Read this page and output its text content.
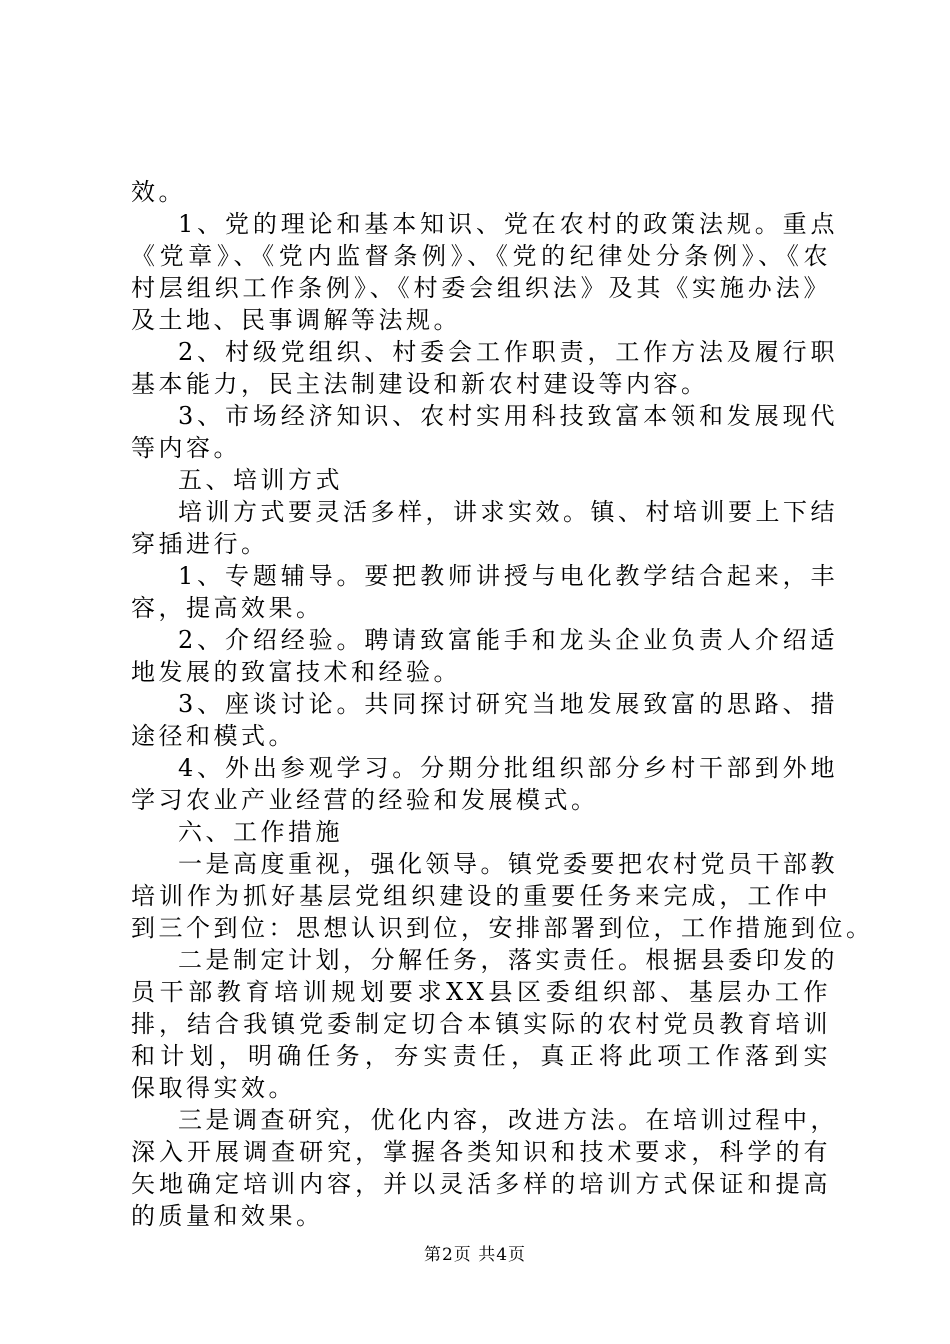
效。
1、党的理论和基本知识、党在农村的政策法规。重点
《党章》、《党内监督条例》、《党的纪律处分条例》、《农
村层组织工作条例》、《村委会组织法》及其《实施办法》
及土地、民事调解等法规。
2、村级党组织、村委会工作职责，工作方法及履行职
基本能力，民主法制建设和新农村建设等内容。
3、市场经济知识、农村实用科技致富本领和发展现代
等内容。
五、培训方式
培训方式要灵活多样，讲求实效。镇、村培训要上下结
穿插进行。
1、专题辅导。要把教师讲授与电化教学结合起来，丰
容，提高效果。
2、介绍经验。聘请致富能手和龙头企业负责人介绍适
地发展的致富技术和经验。
3、座谈讨论。共同探讨研究当地发展致富的思路、措
途径和模式。
4、外出参观学习。分期分批组织部分乡村干部到外地
学习农业产业经营的经验和发展模式。
六、工作措施
一是高度重视，强化领导。镇党委要把农村党员干部教
培训作为抓好基层党组织建设的重要任务来完成，工作中
到三个到位：思想认识到位，安排部署到位，工作措施到位。
二是制定计划，分解任务，落实责任。根据县委印发的
员干部教育培训规划要求XX县区委组织部、基层办工作
排，结合我镇党委制定切合本镇实际的农村党员教育培训
和计划，明确任务，夯实责任，真正将此项工作落到实
保取得实效。
三是调查研究，优化内容，改进方法。在培训过程中，
深入开展调查研究，掌握各类知识和技术要求，科学的有
矢地确定培训内容，并以灵活多样的培训方式保证和提高
的质量和效果。
第2页 共4页
